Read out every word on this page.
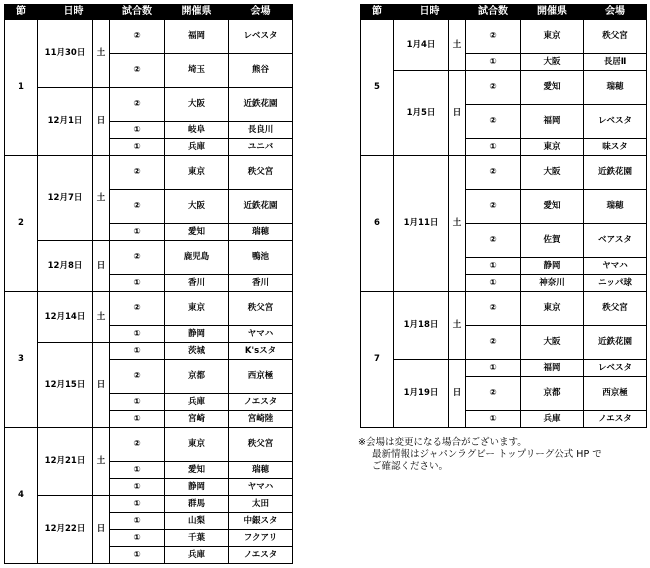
節	日時		試合数	開催県	会場
1	11月30日	土	②	福岡	レベスタ
			②	埼玉	熊谷
	12月1日	日	②	大阪	近鉄花園
			①	岐阜	長良川
			①	兵庫	ユニバ
2	12月7日	土	②	東京	秩父宮
			②	大阪	近鉄花園
			①	愛知	瑞穂
	12月8日	日	②	鹿児島	鴨池
			①	香川	香川
3	12月14日	土	②	東京	秩父宮
			①	静岡	ヤマハ
	12月15日	日	①	茨城	K'sスタ
			②	京都	西京極
			①	兵庫	ノエスタ
			①	宮崎	宮崎陸
4	12月21日	土	②	東京	秩父宮
			①	愛知	瑞穂
			①	静岡	ヤマハ
	12月22日	日	①	群馬	太田
			①	山梨	中銀スタ
			①	千葉	フクアリ
			①	兵庫	ノエスタ
節	日時		試合数	開催県	会場
5	1月4日	土	②	東京	秩父宮
			①	大阪	長居Ⅱ
	1月5日	日	②	愛知	瑞穂
			②	福岡	レベスタ
			①	東京	味スタ
6	1月11日	土	②	大阪	近鉄花園
			②	愛知	瑞穂
			②	佐賀	ベアスタ
			①	静岡	ヤマハ
			①	神奈川	ニッパ球
7	1月18日	土	②	東京	秩父宮
			②	大阪	近鉄花園
	1月19日	日	①	福岡	レベスタ
			②	京都	西京極
			①	兵庫	ノエスタ
※会場は変更になる場合がございます。
最新情報はジャパンラグビー トップリーグ公式 HP で
ご確認ください。
